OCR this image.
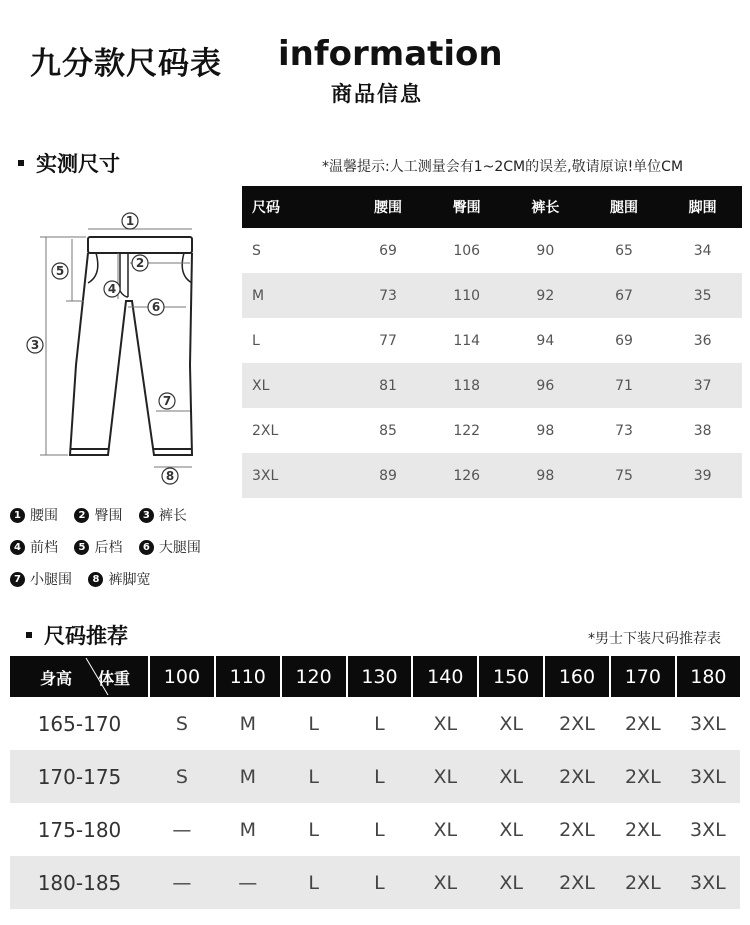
九分款尺码表 information
商品信息
实测尺寸	*温馨提示:人工测量会有1~2CM的误差,敬请原谅!单位CM
1
2
3
4
5
6
7
8
尺码	腰围	臀围	裤长	腿围	脚围
S	69	106	90	65	34
M	73	110	92	67	35
L	77	114	94	69	36
XL	81	118	96	71	37
2XL	85	122	98	73	38
3XL	89	126	98	75	39
1 腰围 2 臀围 3 裤长
4 前档 5 后档 6 大腿围
7 小腿围 8 裤脚宽
尺码推荐	*男士下装尺码推荐表
身高 体重	100	110	120	130	140	150	160	170	180
165-170	S	M	L	L	XL	XL	2XL	2XL	3XL
170-175	S	M	L	L	XL	XL	2XL	2XL	3XL
175-180	—	M	L	L	XL	XL	2XL	2XL	3XL
180-185	—	—	L	L	XL	XL	2XL	2XL	3XL
